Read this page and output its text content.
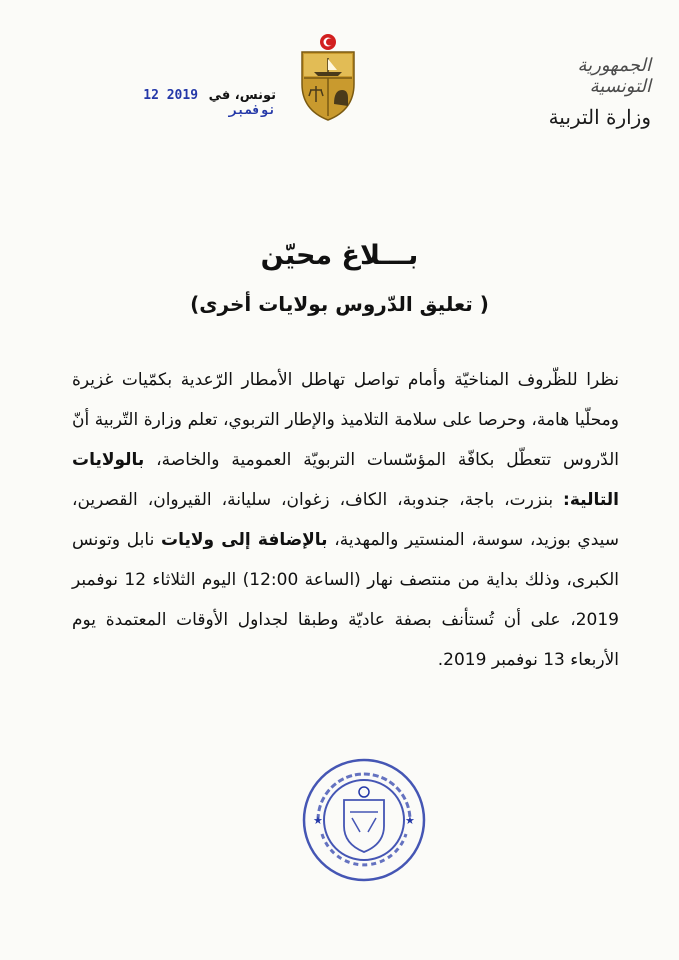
الجمهورية التونسية
وزارة التربية
تونس، في 2019 12 نوفمبر
بـــلاغ محيّن
( تعليق الدّروس بولايات أخرى)
نظرا للظّروف المناخيّة وأمام تواصل تهاطل الأمطار الرّعدية بكمّيات غزيرة ومحلّيا هامة، وحرصا على سلامة التلاميذ والإطار التربوي، تعلم وزارة التّربية أنّ الدّروس تتعطّل بكافّة المؤسّسات التربويّة العمومية والخاصة، بالولايات التالية: بنزرت، باجة، جندوبة، الكاف، زغوان، سليانة، القيروان، القصرين، سيدي بوزيد، سوسة، المنستير والمهدية، بالإضافة إلى ولايات نابل وتونس الكبرى، وذلك بداية من منتصف نهار (الساعة 12:00) اليوم الثلاثاء 12 نوفمبر 2019، على أن تُستأنف بصفة عاديّة وطبقا لجداول الأوقات المعتمدة يوم الأربعاء 13 نوفمبر 2019.
★	★
